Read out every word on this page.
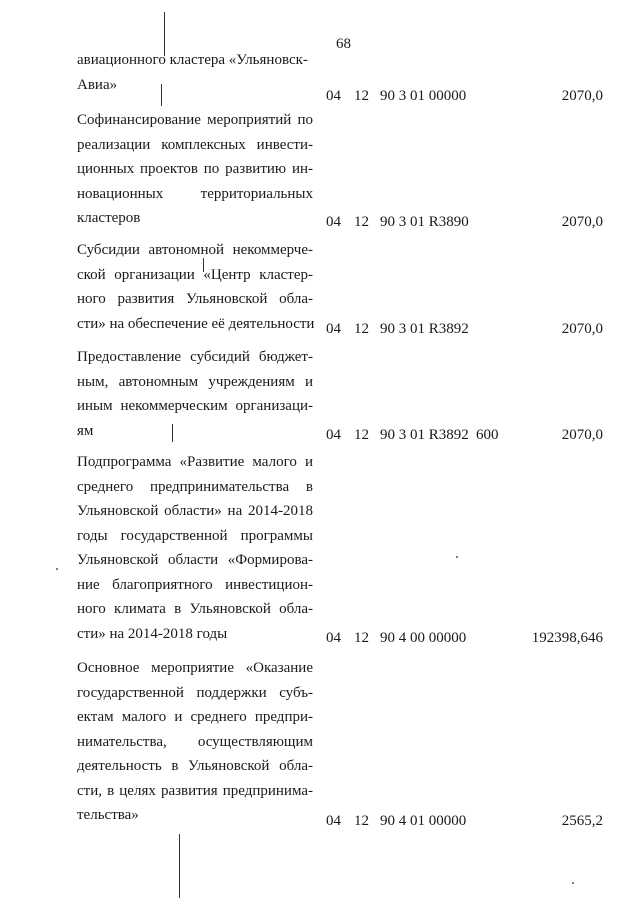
68
авиационного кластера «Ульяновск-
Авиа»
04 12 90 3 01 00000	2070,0
Софинансирование мероприятий по
реализации комплексных инвести-
ционных проектов по развитию ин-
новационных территориальных
кластеров	04 12 90 3 01 R3890	2070,0
Субсидии автономной некоммерче-
ской организации «Центр кластер-
ного развития Ульяновской обла-
сти» на обеспечение её деятельности 04 12 90 3 01 R3892	2070,0
Предоставление субсидий бюджет-
ным, автономным учреждениям и
иным некоммерческим организаци-
ям	04 12 90 3 01 R3892 600	2070,0
Подпрограмма «Развитие малого и
среднего предпринимательства в
Ульяновской области» на 2014-2018
годы государственной программы
Ульяновской области «Формирова-
ние благоприятного инвестицион-
ного климата в Ульяновской обла-
сти» на 2014-2018 годы	04 12 90 4 00 00000	192398,646
Основное мероприятие «Оказание
государственной поддержки субъ-
ектам малого и среднего предпри-
нимательства, осуществляющим
деятельность в Ульяновской обла-
сти, в целях развития предпринима-
тельства»	04 12 90 4 01 00000	2565,2
